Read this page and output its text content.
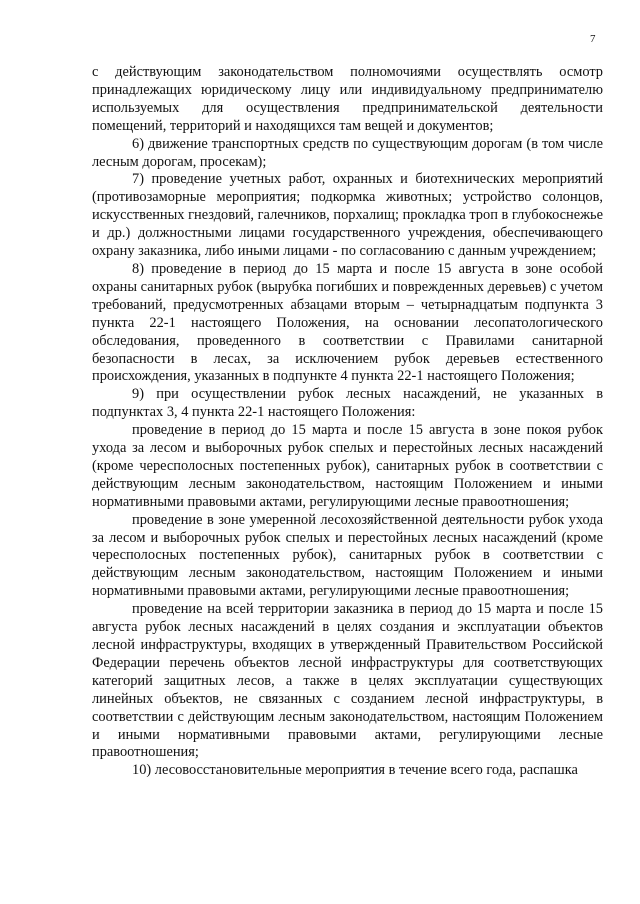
7

с действующим законодательством полномочиями осуществлять осмотр принадлежащих юридическому лицу или индивидуальному предпринимателю используемых для осуществления предпринимательской деятельности помещений, территорий и находящихся там вещей и документов;

6) движение транспортных средств по существующим дорогам (в том числе лесным дорогам, просекам);

7) проведение учетных работ, охранных и биотехнических мероприятий (противозаморные мероприятия; подкормка животных; устройство солонцов, искусственных гнездовий, галечников, порхалищ; прокладка троп в глубокоснежье и др.) должностными лицами государственного учреждения, обеспечивающего охрану заказника, либо иными лицами - по согласованию с данным учреждением;

8) проведение в период до 15 марта и после 15 августа в зоне особой охраны санитарных рубок (вырубка погибших и поврежденных деревьев) с учетом требований, предусмотренных абзацами вторым – четырнадцатым подпункта 3 пункта 22-1 настоящего Положения, на основании лесопатологического обследования, проведенного в соответствии с Правилами санитарной безопасности в лесах, за исключением рубок деревьев естественного происхождения, указанных в подпункте 4 пункта 22-1 настоящего Положения;

9) при осуществлении рубок лесных насаждений, не указанных в подпунктах 3, 4 пункта 22-1 настоящего Положения:

проведение в период до 15 марта и после 15 августа в зоне покоя рубок ухода за лесом и выборочных рубок спелых и перестойных лесных насаждений (кроме чересполосных постепенных рубок), санитарных рубок в соответствии с действующим лесным законодательством, настоящим Положением и иными нормативными правовыми актами, регулирующими лесные правоотношения;

проведение в зоне умеренной лесохозяйственной деятельности рубок ухода за лесом и выборочных рубок спелых и перестойных лесных насаждений (кроме чересполосных постепенных рубок), санитарных рубок в соответствии с действующим лесным законодательством, настоящим Положением и иными нормативными правовыми актами, регулирующими лесные правоотношения;

проведение на всей территории заказника в период до 15 марта и после 15 августа рубок лесных насаждений в целях создания и эксплуатации объектов лесной инфраструктуры, входящих в утвержденный Правительством Российской Федерации перечень объектов лесной инфраструктуры для соответствующих категорий защитных лесов, а также в целях эксплуатации существующих линейных объектов, не связанных с созданием лесной инфраструктуры, в соответствии с действующим лесным законодательством, настоящим Положением и иными нормативными правовыми актами, регулирующими лесные правоотношения;

10) лесовосстановительные мероприятия в течение всего года, распашка
